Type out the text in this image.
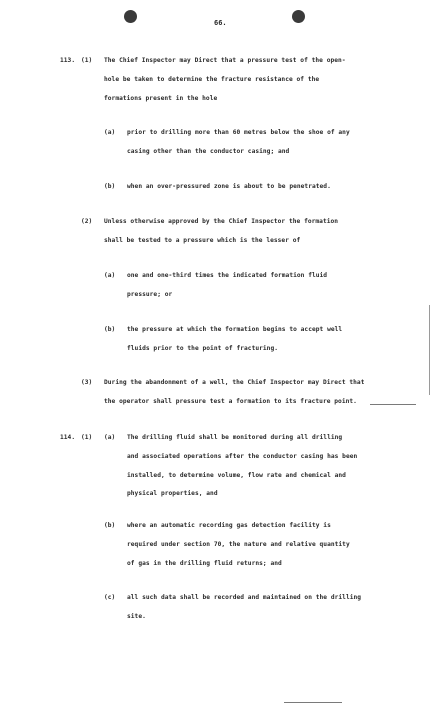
66.
113. (1) The Chief Inspector may Direct that a pressure test of the open-
hole be taken to determine the fracture resistance of the
formations present in the hole
(a) prior to drilling more than 60 metres below the shoe of any
casing other than the conductor casing; and
(b) when an over-pressured zone is about to be penetrated.
(2) Unless otherwise approved by the Chief Inspector the formation
shall be tested to a pressure which is the lesser of
(a) one and one-third times the indicated formation fluid
pressure; or
(b) the pressure at which the formation begins to accept well
fluids prior to the point of fracturing.
(3) During the abandonment of a well, the Chief Inspector may Direct that
the operator shall pressure test a formation to its fracture point.
114. (1) (a) The drilling fluid shall be monitored during all drilling
and associated operations after the conductor casing has been
installed, to determine volume, flow rate and chemical and
physical properties, and
(b) where an automatic recording gas detection facility is
required under section 70, the nature and relative quantity
of gas in the drilling fluid returns; and
(c) all such data shall be recorded and maintained on the drilling
site.
